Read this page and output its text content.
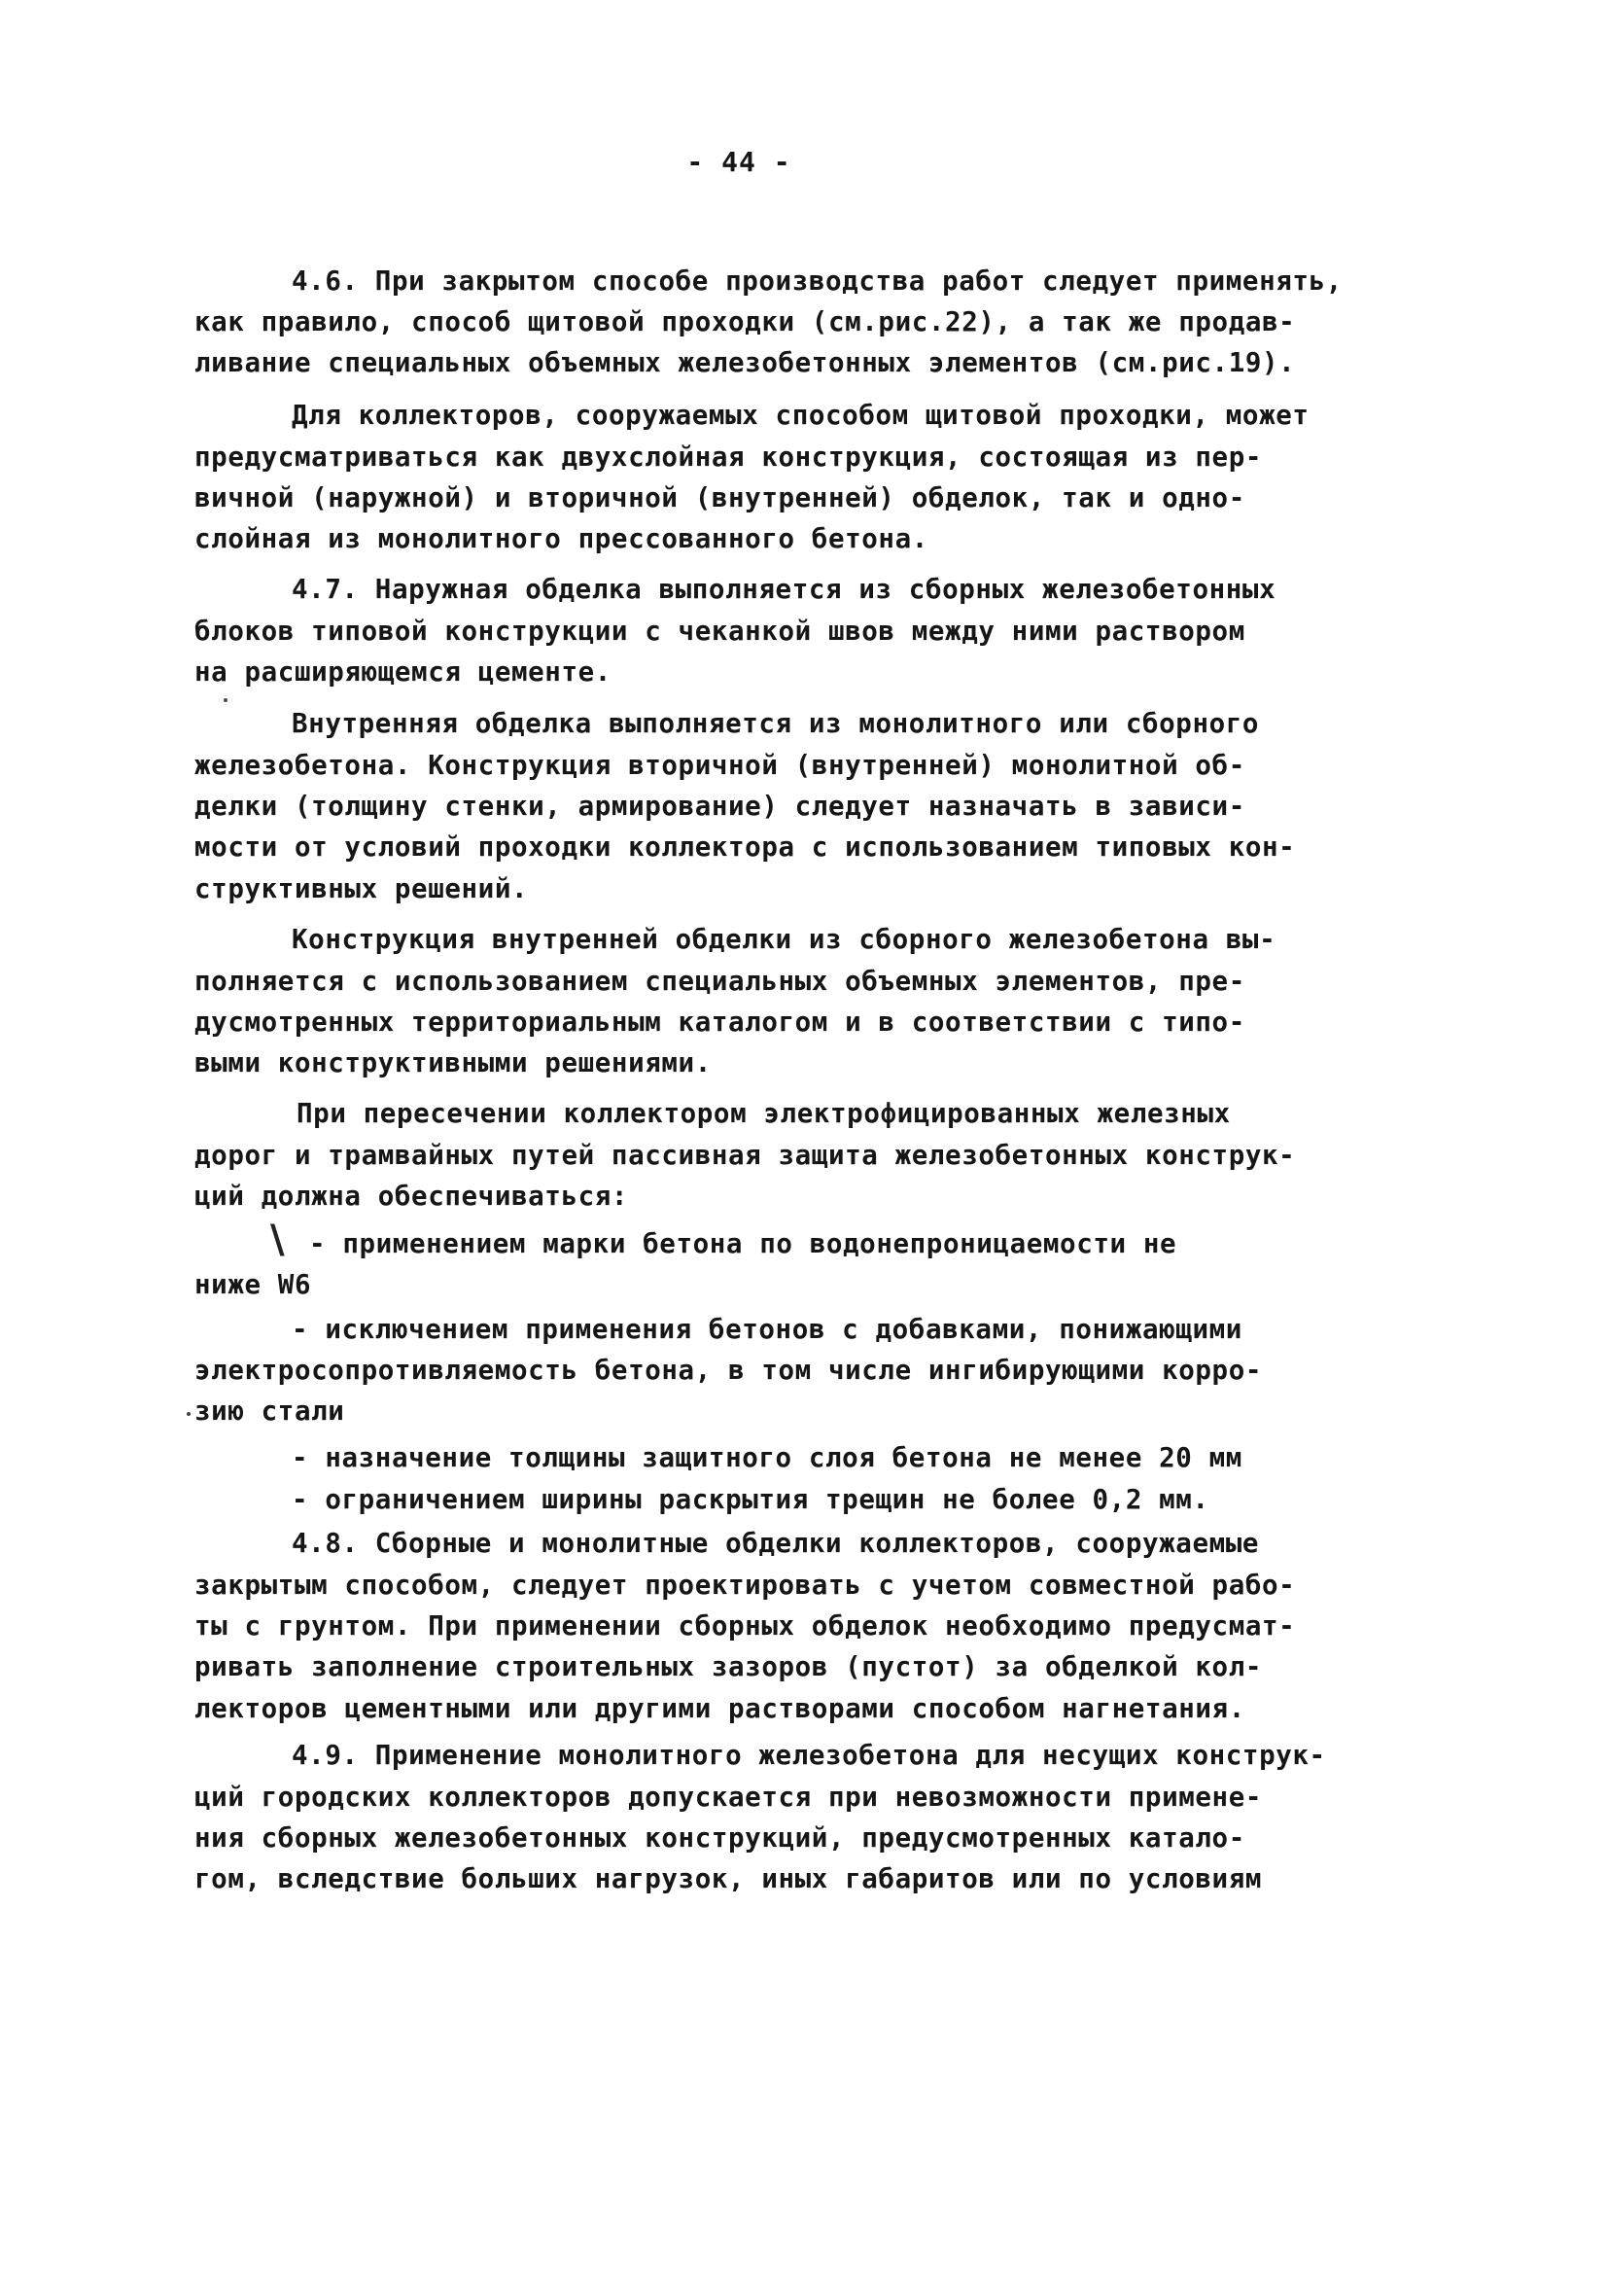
- 44 -
4.6. При закрытом способе производства работ следует применять,
как правило, способ щитовой проходки (см.рис.22), а так же продав-
ливание специальных объемных железобетонных элементов (см.рис.19).
Для коллекторов, сооружаемых способом щитовой проходки, может
предусматриваться как двухслойная конструкция, состоящая из пер-
вичной (наружной) и вторичной (внутренней) обделок, так и одно-
слойная из монолитного прессованного бетона.
4.7. Наружная обделка выполняется из сборных железобетонных
блоков типовой конструкции с чеканкой швов между ними раствором
на расширяющемся цементе.
Внутренняя обделка выполняется из монолитного или сборного
железобетона. Конструкция вторичной (внутренней) монолитной об-
делки (толщину стенки, армирование) следует назначать в зависи-
мости от условий проходки коллектора с использованием типовых кон-
структивных решений.
Конструкция внутренней обделки из сборного железобетона вы-
полняется с использованием специальных объемных элементов, пре-
дусмотренных территориальным каталогом и в соответствии с типо-
выми конструктивными решениями.
При пересечении коллектором электрофицированных железных
дорог и трамвайных путей пассивная защита железобетонных конструк-
ций должна обеспечиваться:
- применением марки бетона по водонепроницаемости не
ниже W6
- исключением применения бетонов с добавками, понижающими
электросопротивляемость бетона, в том числе ингибирующими корро-
зию стали
- назначение толщины защитного слоя бетона не менее 20 мм
- ограничением ширины раскрытия трещин не более 0,2 мм.
4.8. Сборные и монолитные обделки коллекторов, сооружаемые
закрытым способом, следует проектировать с учетом совместной рабо-
ты с грунтом. При применении сборных обделок необходимо предусмат-
ривать заполнение строительных зазоров (пустот) за обделкой кол-
лекторов цементными или другими растворами способом нагнетания.
4.9. Применение монолитного железобетона для несущих конструк-
ций городских коллекторов допускается при невозможности примене-
ния сборных железобетонных конструкций, предусмотренных катало-
гом, вследствие больших нагрузок, иных габаритов или по условиям
\
